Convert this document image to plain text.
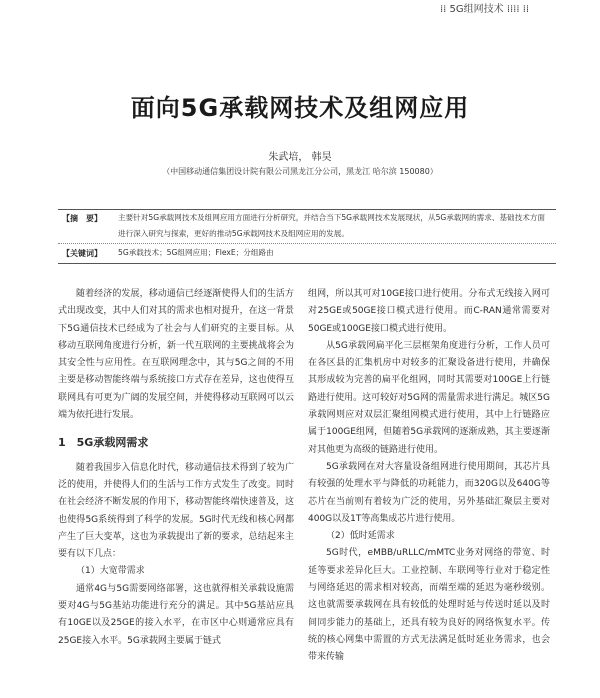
⁞⁞ 5G组网技术 ⁞⁞⁞⁞ ⁞⁞
面向5G承载网技术及组网应用
朱武培， 韩昊
（中国移动通信集团设计院有限公司黑龙江分公司，黑龙江 哈尔滨 150080）
【摘　要】 主要针对5G承载网技术及组网应用方面进行分析研究，并结合当下5G承载网技术发展现状，从5G承载网的需求、基础技术方面进行深入研究与探索，更好的推动5G承载网技术及组网应用的发展。
【关键词】 5G承载技术；5G组网应用；FlexE；分组路由

随着经济的发展，移动通信已经逐渐使得人们的生活方式出现改变，其中人们对其的需求也相对提升，在这一背景下5G通信技术已经成为了社会与人们研究的主要目标。从移动互联网角度进行分析，新一代互联网的主要挑战将会为其安全性与应用性。在互联网理念中，其与5G之间的不用主要是移动智能终端与系统接口方式存在差异，这也使得互联网具有可更为广阔的发展空间，并使得移动互联网可以云端为依托进行发展。

1　5G承载网需求

随着我国步入信息化时代，移动通信技术得到了较为广泛的使用，并使得人们的生活与工作方式发生了改变。同时在社会经济不断发展的作用下，移动智能终端快速普及，这也使得5G系统得到了科学的发展。5G时代无线和核心网都产生了巨大变革，这也为承载提出了新的要求，总结起来主要有以下几点：

（1）大宽带需求

通常4G与5G需要网络部署，这也就得相关承载设施需要对4G与5G基站功能进行充分的满足。其中5G基站应具有10GE以及25GE的接入水平，在市区中心则通常应具有25GE接入水平。5G承载网主要属于链式

组网，所以其可对10GE接口进行使用。分布式无线接入网可对25GE或50GE接口模式进行使用。而C-RAN通常需要对50GE或100GE接口模式进行使用。

从5G承载网扁平化三层框架角度进行分析，工作人员可在各区县的汇集机房中对较多的汇聚设备进行使用，并确保其形成较为完善的扁平化组网，同时其需要对100GE上行链路进行使用。这可较好对5G网的需量需求进行满足。城区5G承载网则应对双层汇聚组网模式进行使用，其中上行链路应属于100GE组网，但随着5G承载网的逐渐成熟，其主要逐渐对其他更为高级的链路进行使用。

5G承载网在对大容量设备组网进行使用期间，其芯片具有较强的处理水平与降低的功耗能力，而320G以及640G等芯片在当前则有着较为广泛的使用，另外基础汇聚层主要对400G以及1T等高集成芯片进行使用。

（2）低时延需求

5G时代，eMBB/uRLLC/mMTC业务对网络的带宽、时延等要求差异化巨大。工业控制、车联网等行业对于稳定性与网络延迟的需求相对较高，而端至端的延迟为毫秒级别。这也就需要承载网在具有较低的处理时延与传送时延以及时间同步能力的基础上，还具有较为良好的网络恢复水平。传统的核心网集中需置的方式无法满足低时延业务需求，也会带来传输
